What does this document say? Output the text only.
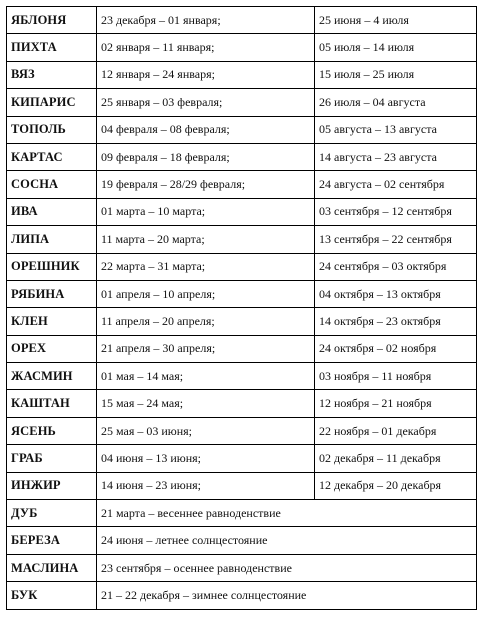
ЯБЛОНЯ	23 декабря – 01 января;	25 июня – 4 июля
ПИХТА	02 января – 11 января;	05 июля – 14 июля
ВЯЗ	12 января – 24 января;	15 июля – 25 июля
КИПАРИС	25 января – 03 февраля;	26 июля – 04 августа
ТОПОЛЬ	04 февраля – 08 февраля;	05 августа – 13 августа
КАРТАС	09 февраля – 18 февраля;	14 августа – 23 августа
СОСНА	19 февраля – 28/29 февраля;	24 августа – 02 сентября
ИВА	01 марта – 10 марта;	03 сентября – 12 сентября
ЛИПА	11 марта – 20 марта;	13 сентября – 22 сентября
ОРЕШНИК	22 марта – 31 марта;	24 сентября – 03 октября
РЯБИНА	01 апреля – 10 апреля;	04 октября – 13 октября
КЛЕН	11 апреля – 20 апреля;	14 октября – 23 октября
ОРЕХ	21 апреля – 30 апреля;	24 октября – 02 ноября
ЖАСМИН	01 мая – 14 мая;	03 ноября – 11 ноября
КАШТАН	15 мая – 24 мая;	12 ноября – 21 ноября
ЯСЕНЬ	25 мая – 03 июня;	22 ноября – 01 декабря
ГРАБ	04 июня – 13 июня;	02 декабря – 11 декабря
ИНЖИР	14 июня – 23 июня;	12 декабря – 20 декабря
ДУБ	21 марта – весеннее равноденствие	
БЕРЕЗА	24 июня – летнее солнцестояние	
МАСЛИНА	23 сентября – осеннее равноденствие	
БУК	21 – 22 декабря – зимнее солнцестояние	
